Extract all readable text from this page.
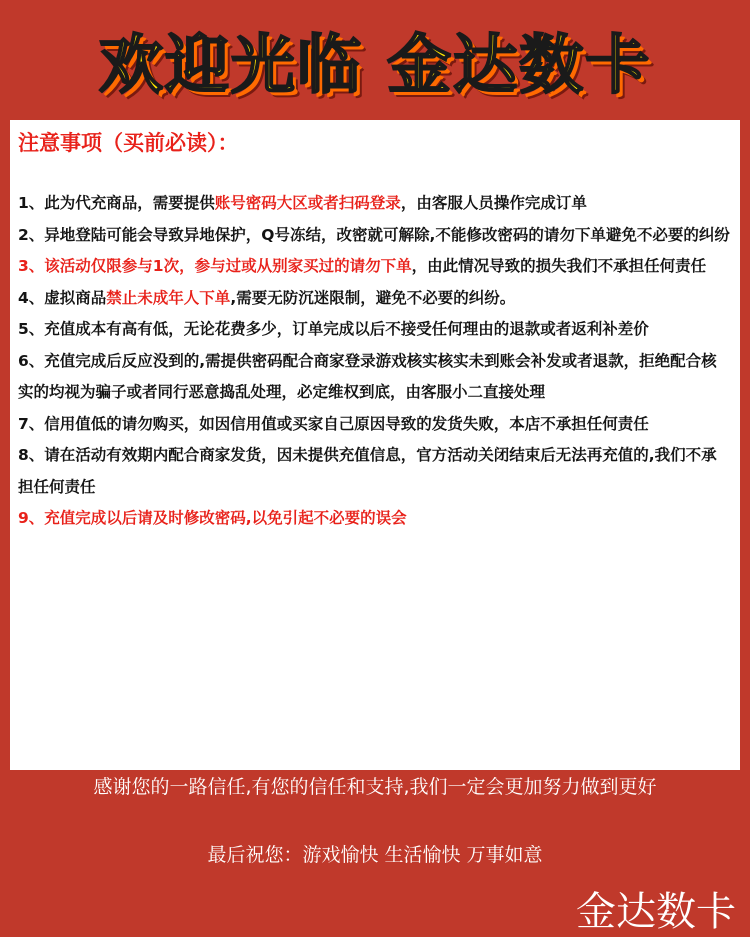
欢迎光临 金达数卡
注意事项（买前必读）：
1、此为代充商品，需要提供账号密码大区或者扫码登录，由客服人员操作完成订单
2、异地登陆可能会导致异地保护，Q号冻结，改密就可解除,不能修改密码的请勿下单避免不必要的纠纷
3、该活动仅限参与1次，参与过或从别家买过的请勿下单，由此情况导致的损失我们不承担任何责任
4、虚拟商品禁止未成年人下单,需要无防沉迷限制，避免不必要的纠纷。
5、充值成本有高有低，无论花费多少，订单完成以后不接受任何理由的退款或者返利补差价
6、充值完成后反应没到的,需提供密码配合商家登录游戏核实核实未到账会补发或者退款，拒绝配合核实的均视为骗子或者同行恶意捣乱处理，必定维权到底，由客服小二直接处理
7、信用值低的请勿购买，如因信用值或买家自己原因导致的发货失败，本店不承担任何责任
8、请在活动有效期内配合商家发货，因未提供充值信息，官方活动关闭结束后无法再充值的,我们不承担任何责任
9、充值完成以后请及时修改密码,以免引起不必要的误会
感谢您的一路信任,有您的信任和支持,我们一定会更加努力做到更好
最后祝您：游戏愉快 生活愉快 万事如意
金达数卡
